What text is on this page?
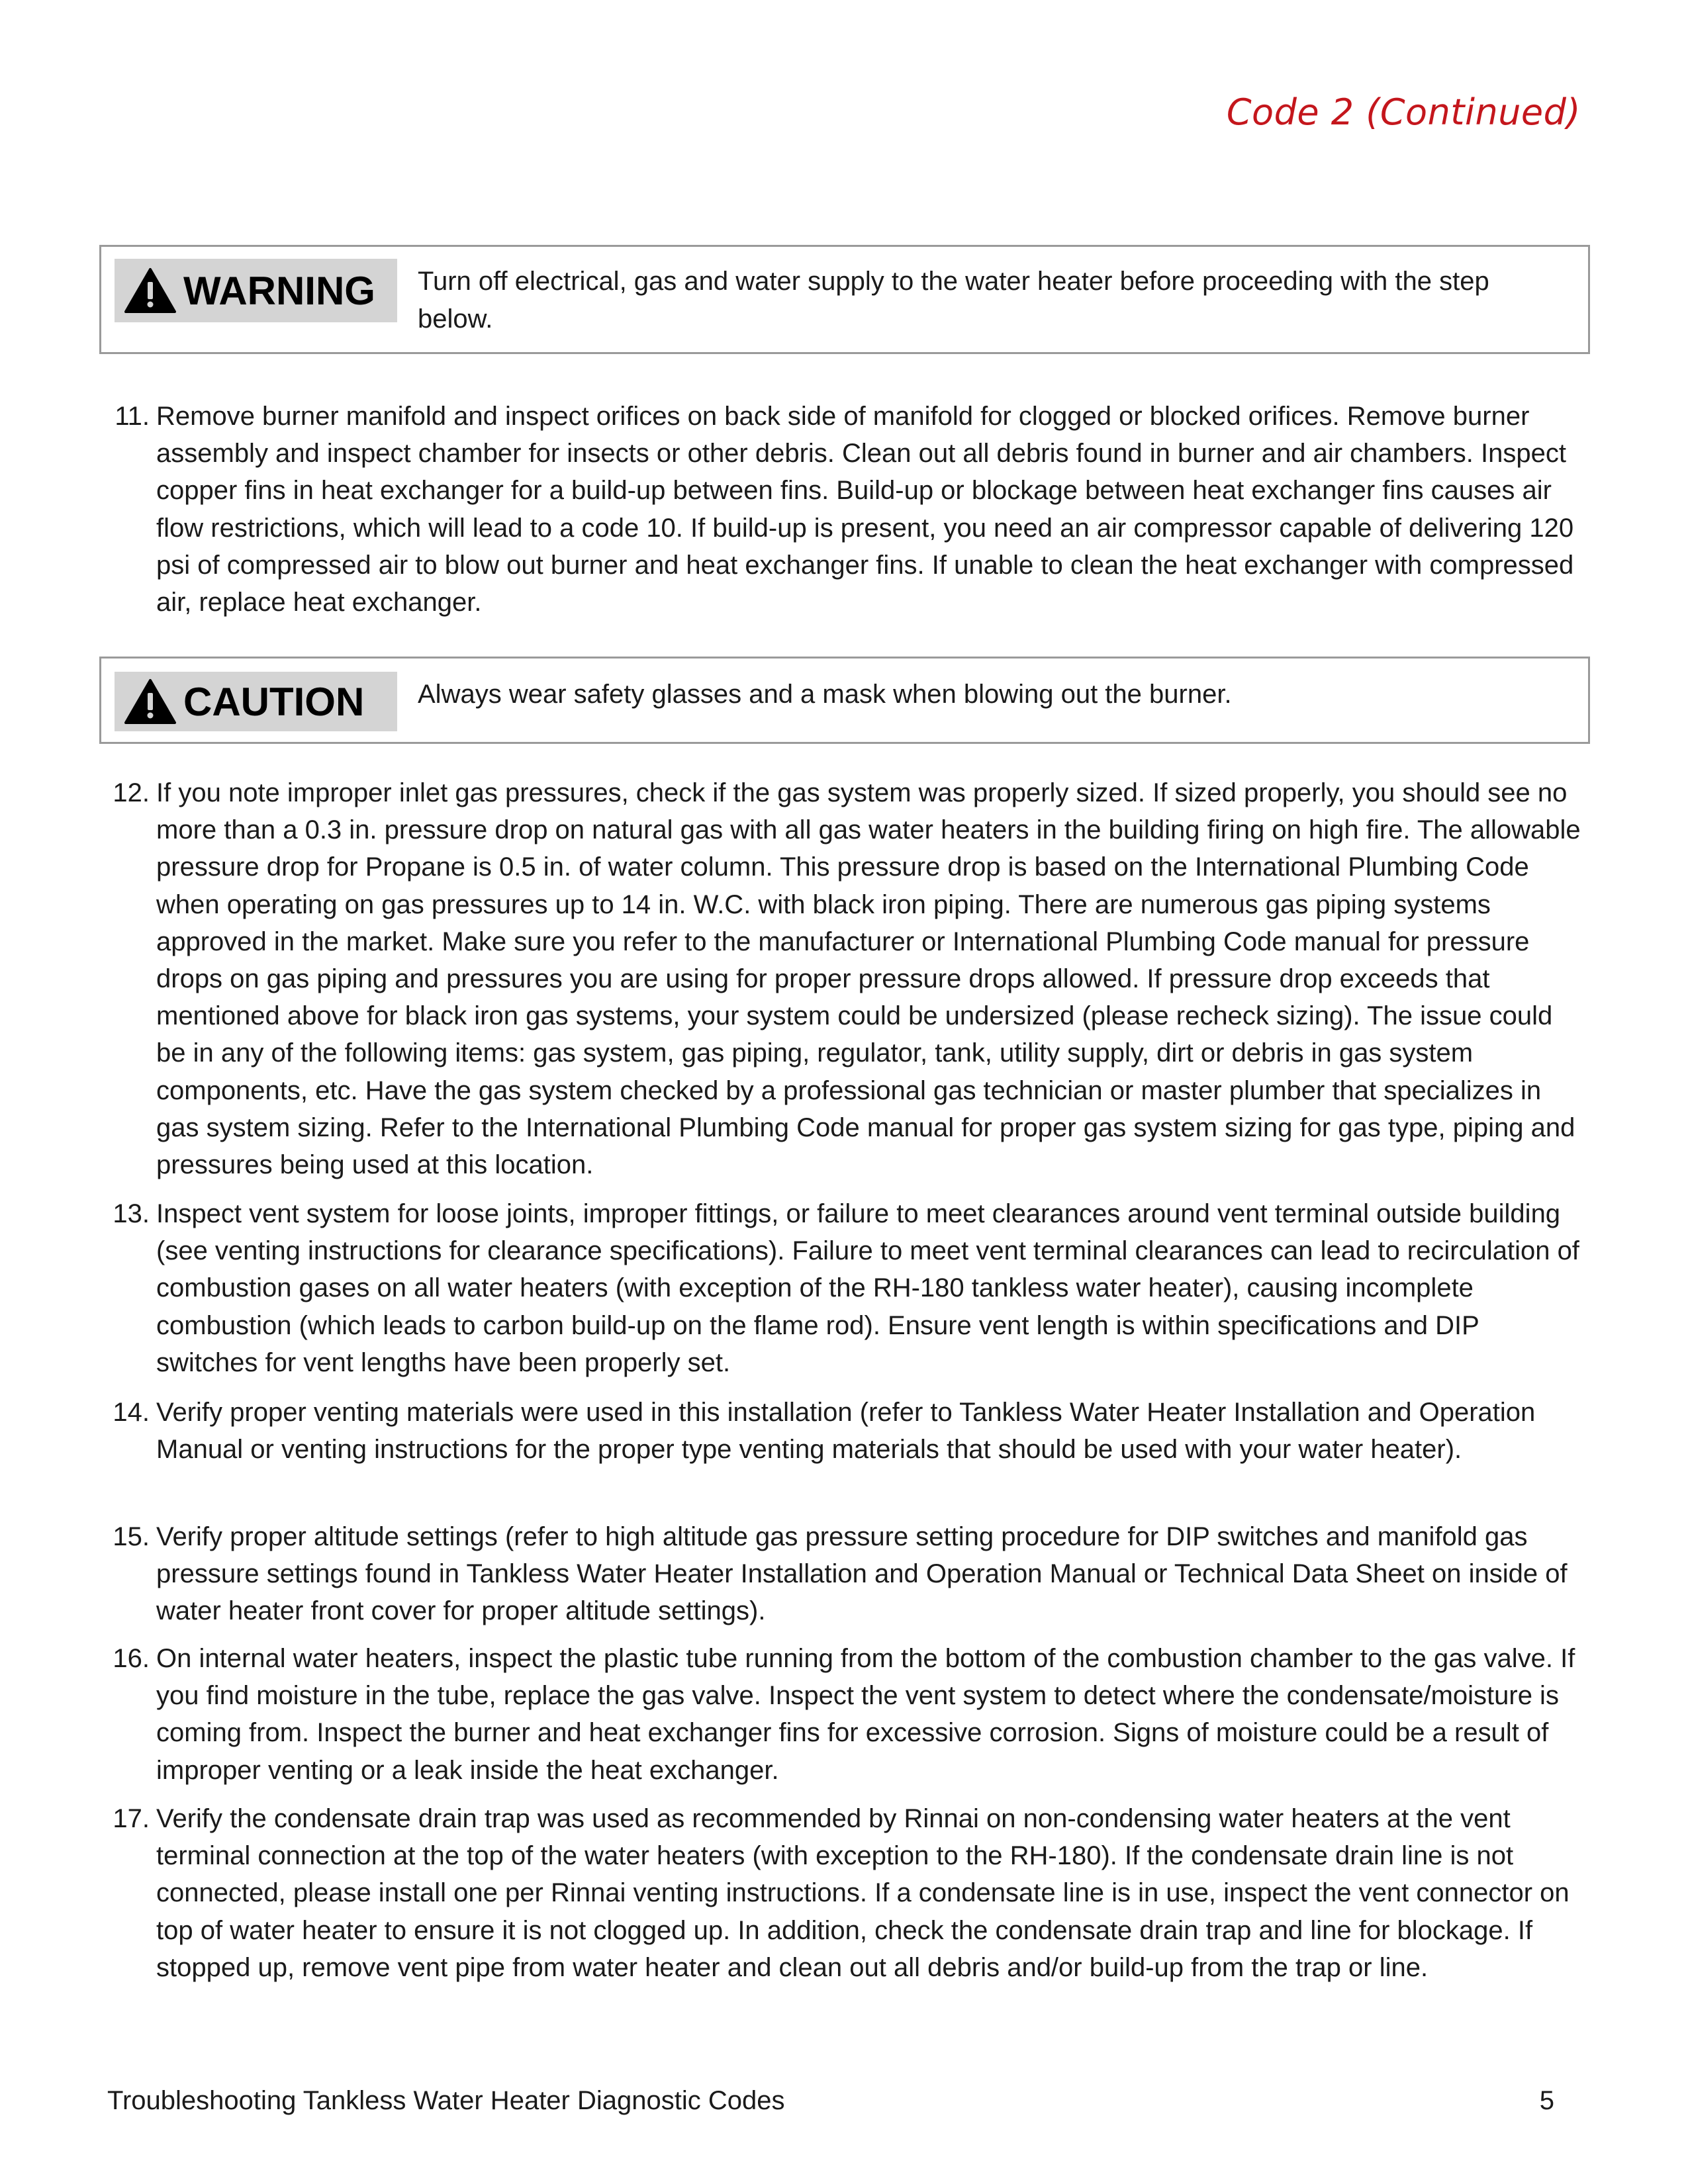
Code 2 (Continued)
WARNING Turn off electrical, gas and water supply to the water heater before proceeding with the step below.
11. Remove burner manifold and inspect orifices on back side of manifold for clogged or blocked orifices. Remove burner assembly and inspect chamber for insects or other debris. Clean out all debris found in burner and air chambers. Inspect copper fins in heat exchanger for a build-up between fins. Build-up or blockage between heat exchanger fins causes air flow restrictions, which will lead to a code 10. If build-up is present, you need an air compressor capable of delivering 120 psi of compressed air to blow out burner and heat exchanger fins. If unable to clean the heat exchanger with compressed air, replace heat exchanger.
CAUTION Always wear safety glasses and a mask when blowing out the burner.
12. If you note improper inlet gas pressures, check if the gas system was properly sized. If sized properly, you should see no more than a 0.3 in. pressure drop on natural gas with all gas water heaters in the building firing on high fire. The allowable pressure drop for Propane is 0.5 in. of water column. This pressure drop is based on the International Plumbing Code when operating on gas pressures up to 14 in. W.C. with black iron piping. There are numerous gas piping systems approved in the market. Make sure you refer to the manufacturer or International Plumbing Code manual for pressure drops on gas piping and pressures you are using for proper pressure drops allowed. If pressure drop exceeds that mentioned above for black iron gas systems, your system could be undersized (please recheck sizing). The issue could be in any of the following items: gas system, gas piping, regulator, tank, utility supply, dirt or debris in gas system components, etc. Have the gas system checked by a professional gas technician or master plumber that specializes in gas system sizing. Refer to the International Plumbing Code manual for proper gas system sizing for gas type, piping and pressures being used at this location.
13. Inspect vent system for loose joints, improper fittings, or failure to meet clearances around vent terminal outside building (see venting instructions for clearance specifications). Failure to meet vent terminal clearances can lead to recirculation of combustion gases on all water heaters (with exception of the RH-180 tankless water heater), causing incomplete combustion (which leads to carbon build-up on the flame rod). Ensure vent length is within specifications and DIP switches for vent lengths have been properly set.
14. Verify proper venting materials were used in this installation (refer to Tankless Water Heater Installation and Operation Manual or venting instructions for the proper type venting materials that should be used with your water heater).
15. Verify proper altitude settings (refer to high altitude gas pressure setting procedure for DIP switches and manifold gas pressure settings found in Tankless Water Heater Installation and Operation Manual or Technical Data Sheet on inside of water heater front cover for proper altitude settings).
16. On internal water heaters, inspect the plastic tube running from the bottom of the combustion chamber to the gas valve. If you find moisture in the tube, replace the gas valve. Inspect the vent system to detect where the condensate/moisture is coming from. Inspect the burner and heat exchanger fins for excessive corrosion. Signs of moisture could be a result of improper venting or a leak inside the heat exchanger.
17. Verify the condensate drain trap was used as recommended by Rinnai on non-condensing water heaters at the vent terminal connection at the top of the water heaters (with exception to the RH-180). If the condensate drain line is not connected, please install one per Rinnai venting instructions. If a condensate line is in use, inspect the vent connector on top of water heater to ensure it is not clogged up. In addition, check the condensate drain trap and line for blockage. If stopped up, remove vent pipe from water heater and clean out all debris and/or build-up from the trap or line.
Troubleshooting Tankless Water Heater Diagnostic Codes	5
